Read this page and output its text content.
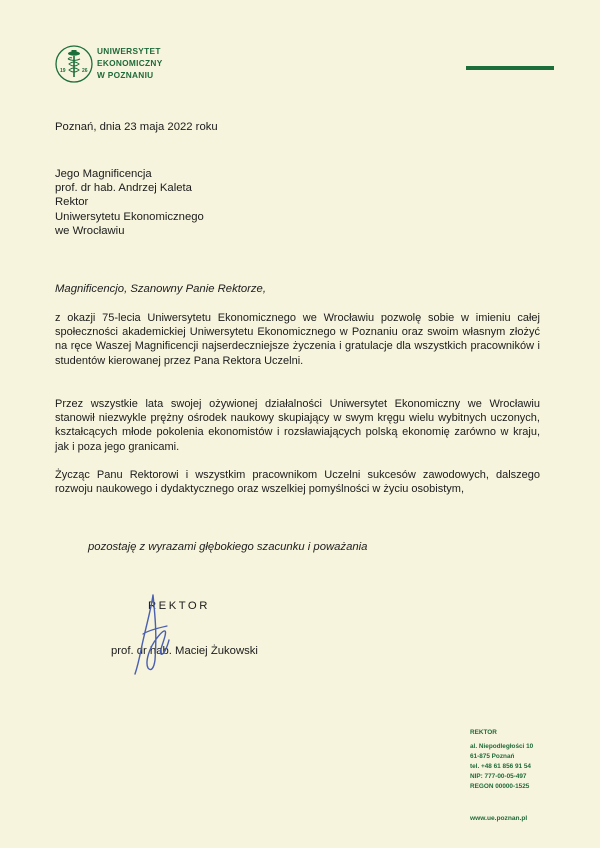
19	26
UNIWERSYTET
EKONOMICZNY
W POZNANIU
Poznań, dnia 23 maja 2022 roku
Jego Magnificencja
prof. dr hab. Andrzej Kaleta
Rektor
Uniwersytetu Ekonomicznego
we Wrocławiu
Magnificencjo, Szanowny Panie Rektorze,
z okazji 75-lecia Uniwersytetu Ekonomicznego we Wrocławiu pozwolę sobie w imieniu całej społeczności akademickiej Uniwersytetu Ekonomicznego w Poznaniu oraz swoim własnym złożyć na ręce Waszej Magnificencji najserdeczniejsze życzenia i gratulacje dla wszystkich pracowników i studentów kierowanej przez Pana Rektora Uczelni.
Przez wszystkie lata swojej ożywionej działalności Uniwersytet Ekonomiczny we Wrocławiu stanowił niezwykle prężny ośrodek naukowy skupiający w swym kręgu wielu wybitnych uczonych, kształcących młode pokolenia ekonomistów i rozsławiających polską ekonomię zarówno w kraju, jak i poza jego granicami.
Życząc Panu Rektorowi i wszystkim pracownikom Uczelni sukcesów zawodowych, dalszego rozwoju naukowego i dydaktycznego oraz wszelkiej pomyślności w życiu osobistym,
pozostaję z wyrazami głębokiego szacunku i poważania
REKTOR
prof. dr hab. Maciej Żukowski
REKTOR
al. Niepodległości 10
61-875 Poznań
tel. +48 61 856 91 54
NIP: 777-00-05-497
REGON 00000-1525
www.ue.poznan.pl
